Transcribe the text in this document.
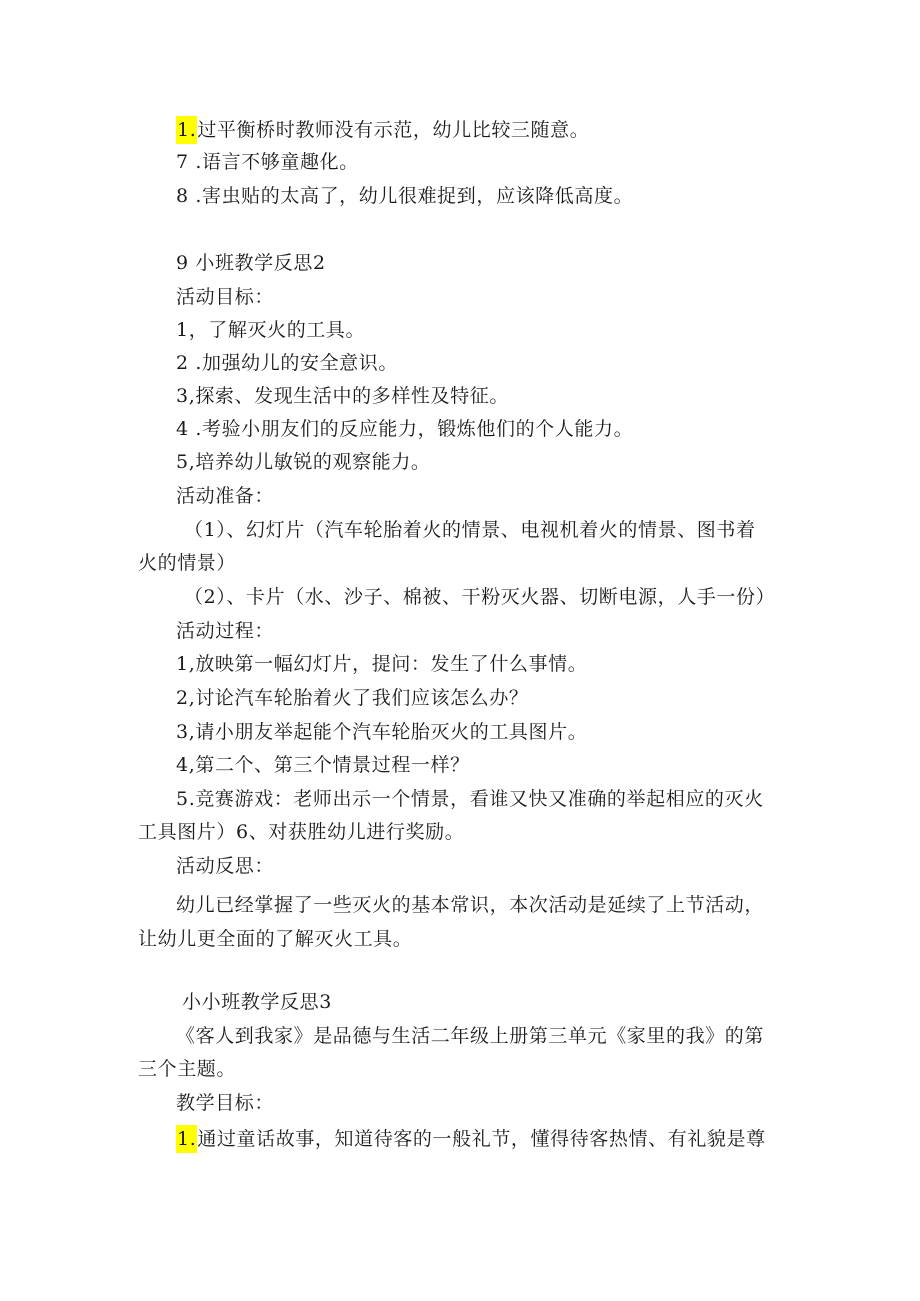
1.过平衡桥时教师没有示范，幼儿比较三随意。
7 .语言不够童趣化。
8 .害虫贴的太高了，幼儿很难捉到，应该降低高度。
9 小班教学反思2
活动目标：
1，了解灭火的工具。
2 .加强幼儿的安全意识。
3,探索、发现生活中的多样性及特征。
4 .考验小朋友们的反应能力，锻炼他们的个人能力。
5,培养幼儿敏锐的观察能力。
活动准备：
（1）、幻灯片（汽车轮胎着火的情景、电视机着火的情景、图书着
火的情景）
（2）、卡片（水、沙子、棉被、干粉灭火器、切断电源，人手一份）
活动过程：
1,放映第一幅幻灯片，提问：发生了什么事情。
2,讨论汽车轮胎着火了我们应该怎么办？
3,请小朋友举起能个汽车轮胎灭火的工具图片。
4,第二个、第三个情景过程一样？
5.竞赛游戏：老师出示一个情景，看谁又快又准确的举起相应的灭火
工具图片）6、对获胜幼儿进行奖励。
活动反思：
幼儿已经掌握了一些灭火的基本常识，本次活动是延续了上节活动，
让幼儿更全面的了解灭火工具。
小小班教学反思3
《客人到我家》是品德与生活二年级上册第三单元《家里的我》的第
三个主题。
教学目标：
1.通过童话故事，知道待客的一般礼节，懂得待客热情、有礼貌是尊
